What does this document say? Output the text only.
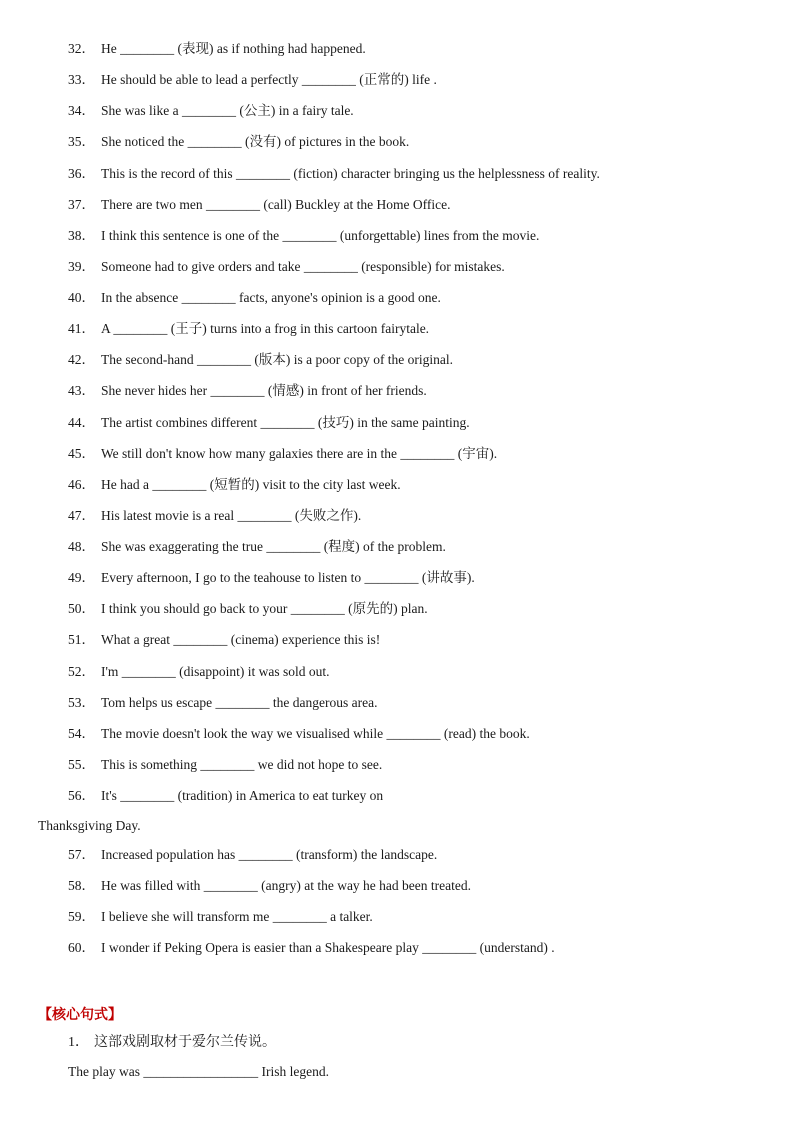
32． He ________ (表现) as if nothing had happened.
33． He should be able to lead a perfectly ________ (正常的) life .
34． She was like a ________ (公主) in a fairy tale.
35． She noticed the ________ (没有) of pictures in the book.
36． This is the record of this ________ (fiction) character bringing us the helplessness of reality.
37． There are two men ________ (call) Buckley at the Home Office.
38． I think this sentence is one of the ________ (unforgettable) lines from the movie.
39． Someone had to give orders and take ________ (responsible) for mistakes.
40． In the absence ________ facts, anyone's opinion is a good one.
41． A ________ (王子) turns into a frog in this cartoon fairytale.
42． The second-hand ________ (版本) is a poor copy of the original.
43． She never hides her ________ (情感) in front of her friends.
44． The artist combines different ________ (技巧) in the same painting.
45． We still don't know how many galaxies there are in the ________ (宇宙).
46． He had a ________ (短暂的) visit to the city last week.
47． His latest movie is a real ________ (失败之作).
48． She was exaggerating the true ________ (程度) of the problem.
49． Every afternoon, I go to the teahouse to listen to ________ (讲故事).
50． I think you should go back to your ________ (原先的) plan.
51． What a great ________ (cinema) experience this is!
52． I'm ________ (disappoint) it was sold out.
53． Tom helps us escape ________ the dangerous area.
54． The movie doesn't look the way we visualised while ________ (read) the book.
55． This is something ________ we did not hope to see.
56． It's ________ (tradition) in America to eat turkey on
Thanksgiving Day.
57． Increased population has ________ (transform) the landscape.
58． He was filled with ________ (angry) at the way he had been treated.
59． I believe she will transform me ________ a talker.
60． I wonder if Peking Opera is easier than a Shakespeare play ________ (understand) .
【核心句式】
1． 这部戏剧取材于爱尔兰传说。
The play was _________________ Irish legend.
